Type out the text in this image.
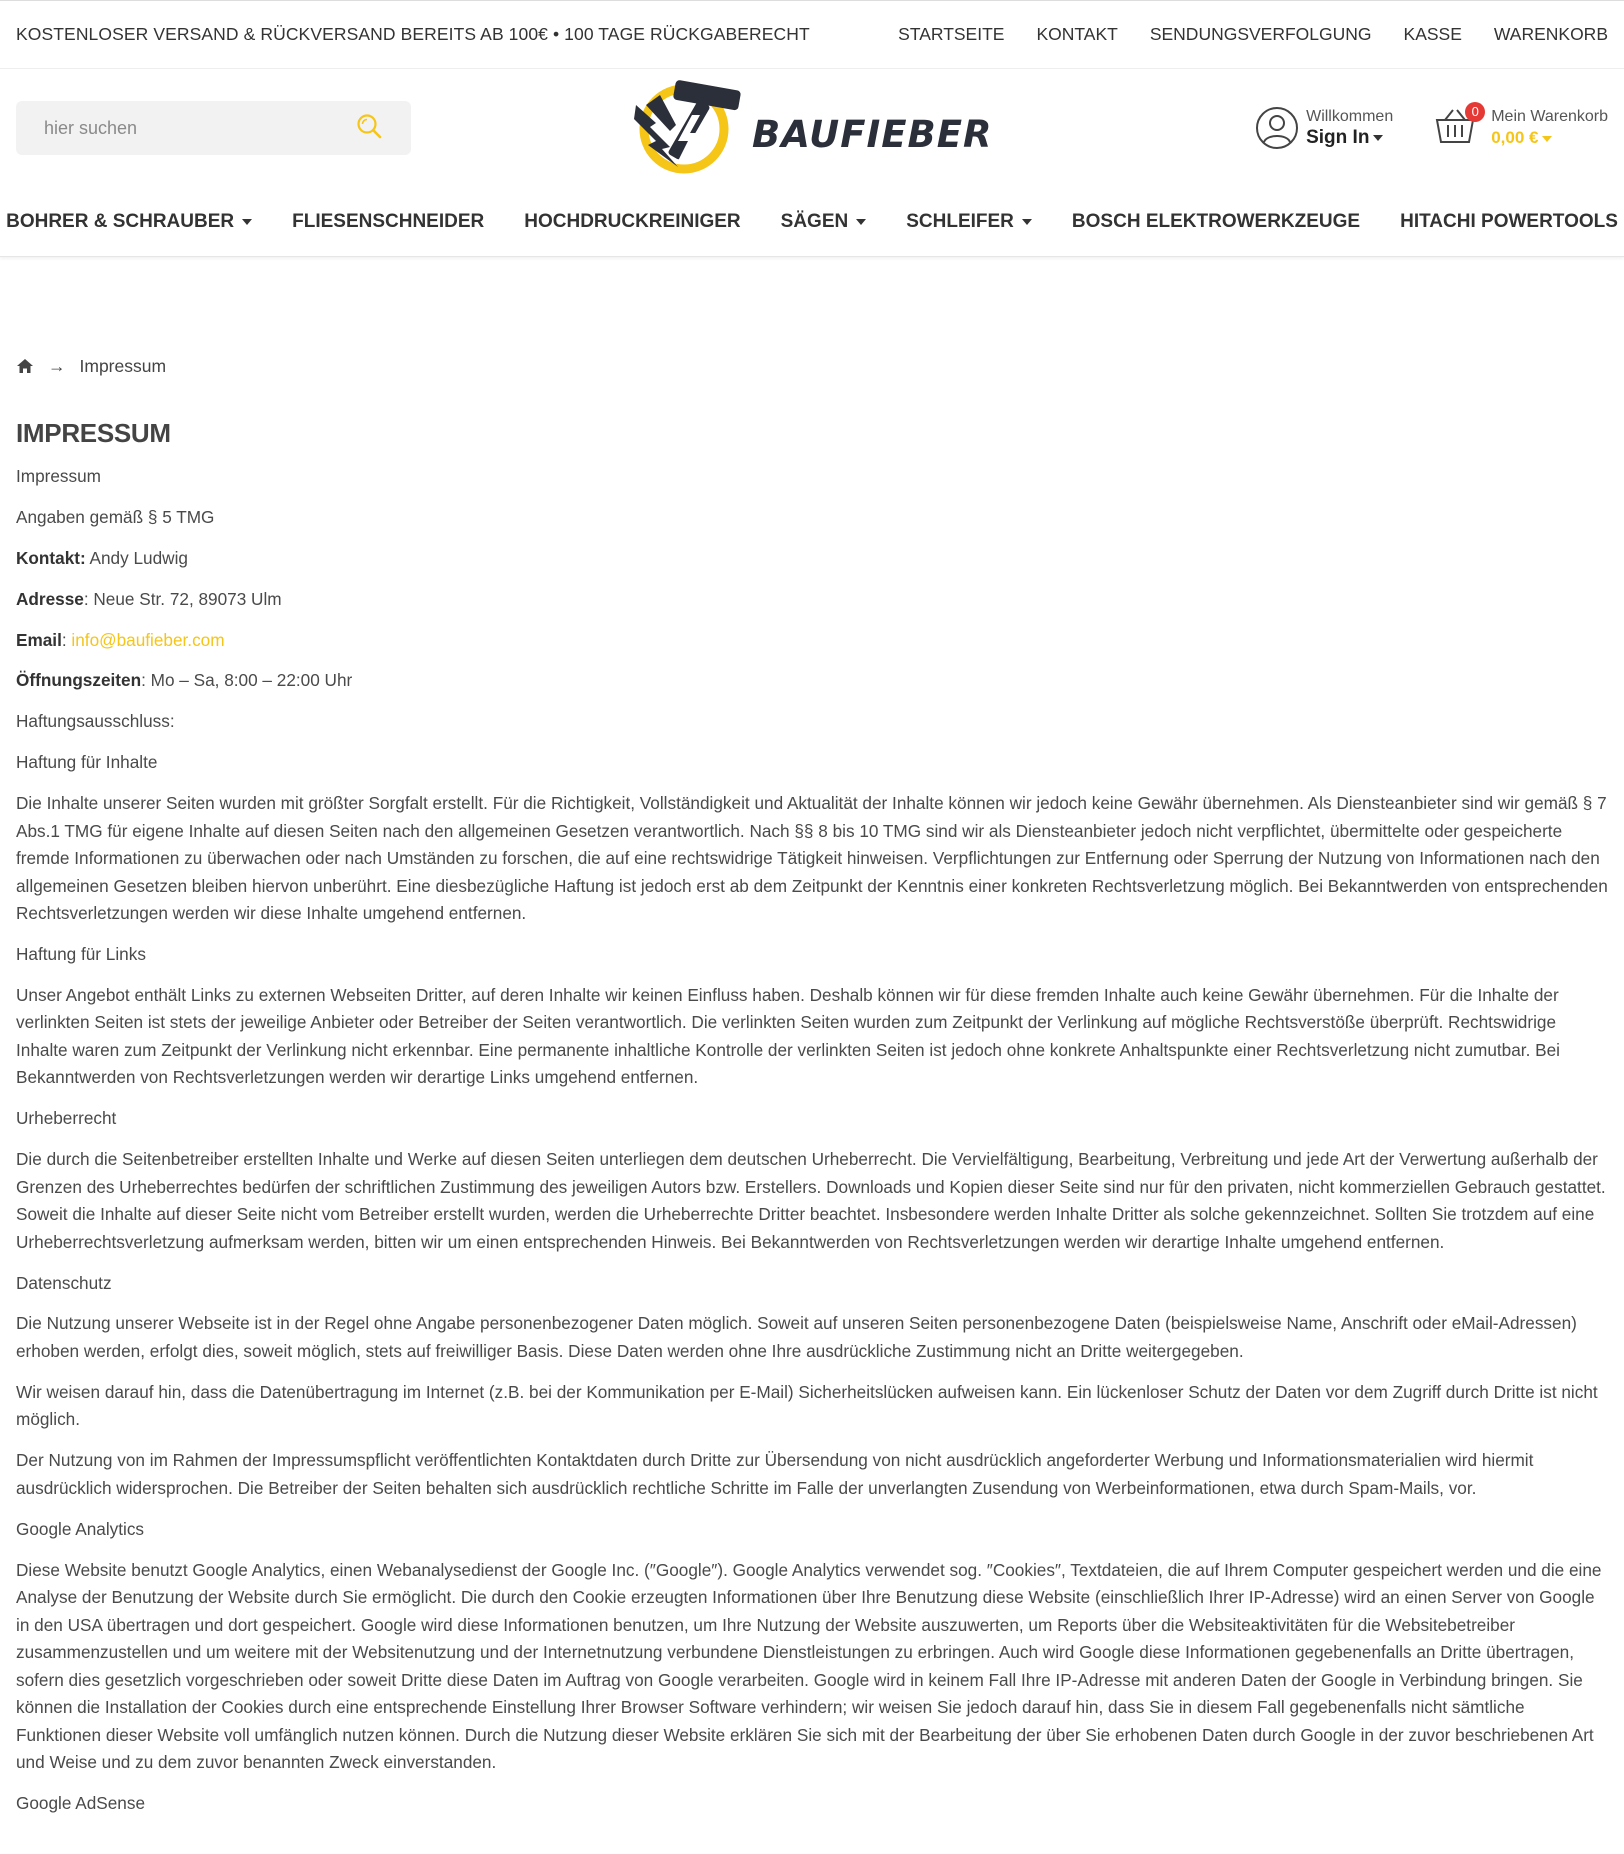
KOSTENLOSER VERSAND & RÜCKVERSAND BEREITS AB 100€ • 100 TAGE RÜCKGABERECHT	STARTSEITE KONTAKT SENDUNGSVERFOLGUNG KASSE WARENKORB
hier suchen
BAUFIEBER	Willkommen
Sign In
0 Mein Warenkorb
0,00 €
BOHRER & SCHRAUBER	FLIESENSCHNEIDER HOCHDRUCKREINIGER SÄGEN	SCHLEIFER	BOSCH ELEKTROWERKZEUGE HITACHI POWERTOOLS
→ Impressum
IMPRESSUM

Impressum

Angaben gemäß § 5 TMG

Kontakt: Andy Ludwig

Adresse: Neue Str. 72, 89073 Ulm

Email: info@baufieber.com

Öffnungszeiten: Mo – Sa, 8:00 – 22:00 Uhr

Haftungsausschluss:

Haftung für Inhalte

Die Inhalte unserer Seiten wurden mit größter Sorgfalt erstellt. Für die Richtigkeit, Vollständigkeit und Aktualität der Inhalte können wir jedoch keine Gewähr übernehmen. Als Diensteanbieter sind wir gemäß § 7 Abs.1 TMG für eigene Inhalte auf diesen Seiten nach den allgemeinen Gesetzen verantwortlich. Nach §§ 8 bis 10 TMG sind wir als Diensteanbieter jedoch nicht verpflichtet, übermittelte oder gespeicherte fremde Informationen zu überwachen oder nach Umständen zu forschen, die auf eine rechtswidrige Tätigkeit hinweisen. Verpflichtungen zur Entfernung oder Sperrung der Nutzung von Informationen nach den allgemeinen Gesetzen bleiben hiervon unberührt. Eine diesbezügliche Haftung ist jedoch erst ab dem Zeitpunkt der Kenntnis einer konkreten Rechtsverletzung möglich. Bei Bekanntwerden von entsprechenden Rechtsverletzungen werden wir diese Inhalte umgehend entfernen.

Haftung für Links

Unser Angebot enthält Links zu externen Webseiten Dritter, auf deren Inhalte wir keinen Einfluss haben. Deshalb können wir für diese fremden Inhalte auch keine Gewähr übernehmen. Für die Inhalte der verlinkten Seiten ist stets der jeweilige Anbieter oder Betreiber der Seiten verantwortlich. Die verlinkten Seiten wurden zum Zeitpunkt der Verlinkung auf mögliche Rechtsverstöße überprüft. Rechtswidrige Inhalte waren zum Zeitpunkt der Verlinkung nicht erkennbar. Eine permanente inhaltliche Kontrolle der verlinkten Seiten ist jedoch ohne konkrete Anhaltspunkte einer Rechtsverletzung nicht zumutbar. Bei Bekanntwerden von Rechtsverletzungen werden wir derartige Links umgehend entfernen.

Urheberrecht

Die durch die Seitenbetreiber erstellten Inhalte und Werke auf diesen Seiten unterliegen dem deutschen Urheberrecht. Die Vervielfältigung, Bearbeitung, Verbreitung und jede Art der Verwertung außerhalb der Grenzen des Urheberrechtes bedürfen der schriftlichen Zustimmung des jeweiligen Autors bzw. Erstellers. Downloads und Kopien dieser Seite sind nur für den privaten, nicht kommerziellen Gebrauch gestattet. Soweit die Inhalte auf dieser Seite nicht vom Betreiber erstellt wurden, werden die Urheberrechte Dritter beachtet. Insbesondere werden Inhalte Dritter als solche gekennzeichnet. Sollten Sie trotzdem auf eine Urheberrechtsverletzung aufmerksam werden, bitten wir um einen entsprechenden Hinweis. Bei Bekanntwerden von Rechtsverletzungen werden wir derartige Inhalte umgehend entfernen.

Datenschutz

Die Nutzung unserer Webseite ist in der Regel ohne Angabe personenbezogener Daten möglich. Soweit auf unseren Seiten personenbezogene Daten (beispielsweise Name, Anschrift oder eMail-Adressen) erhoben werden, erfolgt dies, soweit möglich, stets auf freiwilliger Basis. Diese Daten werden ohne Ihre ausdrückliche Zustimmung nicht an Dritte weitergegeben.

Wir weisen darauf hin, dass die Datenübertragung im Internet (z.B. bei der Kommunikation per E-Mail) Sicherheitslücken aufweisen kann. Ein lückenloser Schutz der Daten vor dem Zugriff durch Dritte ist nicht möglich.

Der Nutzung von im Rahmen der Impressumspflicht veröffentlichten Kontaktdaten durch Dritte zur Übersendung von nicht ausdrücklich angeforderter Werbung und Informationsmaterialien wird hiermit ausdrücklich widersprochen. Die Betreiber der Seiten behalten sich ausdrücklich rechtliche Schritte im Falle der unverlangten Zusendung von Werbeinformationen, etwa durch Spam-Mails, vor.

Google Analytics

Diese Website benutzt Google Analytics, einen Webanalysedienst der Google Inc. (″Google″). Google Analytics verwendet sog. ″Cookies″, Textdateien, die auf Ihrem Computer gespeichert werden und die eine Analyse der Benutzung der Website durch Sie ermöglicht. Die durch den Cookie erzeugten Informationen über Ihre Benutzung diese Website (einschließlich Ihrer IP-Adresse) wird an einen Server von Google in den USA übertragen und dort gespeichert. Google wird diese Informationen benutzen, um Ihre Nutzung der Website auszuwerten, um Reports über die Websiteaktivitäten für die Websitebetreiber zusammenzustellen und um weitere mit der Websitenutzung und der Internetnutzung verbundene Dienstleistungen zu erbringen. Auch wird Google diese Informationen gegebenenfalls an Dritte übertragen, sofern dies gesetzlich vorgeschrieben oder soweit Dritte diese Daten im Auftrag von Google verarbeiten. Google wird in keinem Fall Ihre IP-Adresse mit anderen Daten der Google in Verbindung bringen. Sie können die Installation der Cookies durch eine entsprechende Einstellung Ihrer Browser Software verhindern; wir weisen Sie jedoch darauf hin, dass Sie in diesem Fall gegebenenfalls nicht sämtliche Funktionen dieser Website voll umfänglich nutzen können. Durch die Nutzung dieser Website erklären Sie sich mit der Bearbeitung der über Sie erhobenen Daten durch Google in der zuvor beschriebenen Art und Weise und zu dem zuvor benannten Zweck einverstanden.

Google AdSense
